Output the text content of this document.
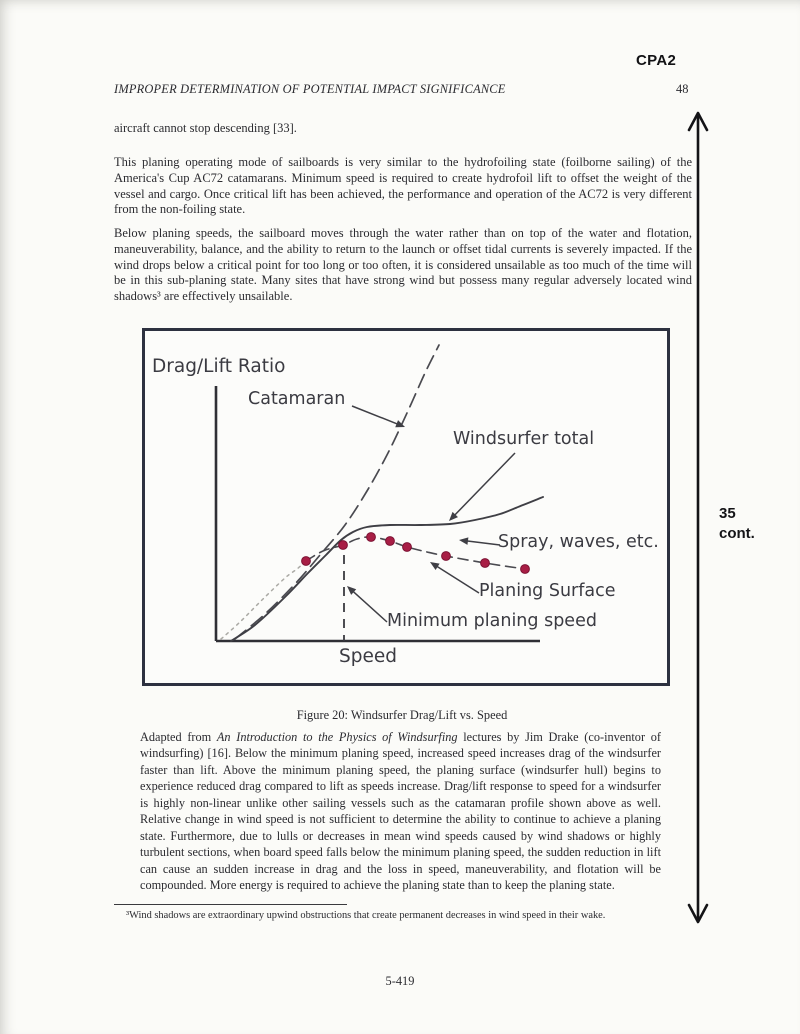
CPA2
IMPROPER DETERMINATION OF POTENTIAL IMPACT SIGNIFICANCE	48

aircraft cannot stop descending [33].

This planing operating mode of sailboards is very similar to the hydrofoiling state (foilborne sailing) of the America's Cup AC72 catamarans. Minimum speed is required to create hydrofoil lift to offset the weight of the vessel and cargo. Once critical lift has been achieved, the performance and operation of the AC72 is very different from the non-foiling state.

Below planing speeds, the sailboard moves through the water rather than on top of the water and flotation, maneuverability, balance, and the ability to return to the launch or offset tidal currents is severely impacted. If the wind drops below a critical point for too long or too often, it is considered unsailable as too much of the time will be in this sub-planing state. Many sites that have strong wind but possess many regular adversely located wind shadows³ are effectively unsailable.

Drag/Lift Ratio
Catamaran
Windsurfer total
Spray, waves, etc.
Planing Surface
Minimum planing speed
Speed
Figure 20: Windsurfer Drag/Lift vs. Speed

Adapted from An Introduction to the Physics of Windsurfing lectures by Jim Drake (co-inventor of windsurfing) [16]. Below the minimum planing speed, increased speed increases drag of the windsurfer faster than lift. Above the minimum planing speed, the planing surface (windsurfer hull) begins to experience reduced drag compared to lift as speeds increase. Drag/lift response to speed for a windsurfer is highly non-linear unlike other sailing vessels such as the catamaran profile shown above as well. Relative change in wind speed is not sufficient to determine the ability to continue to achieve a planing state. Furthermore, due to lulls or decreases in mean wind speeds caused by wind shadows or highly turbulent sections, when board speed falls below the minimum planing speed, the sudden reduction in lift can cause an sudden increase in drag and the loss in speed, maneuverability, and flotation will be compounded. More energy is required to achieve the planing state than to keep the planing state.

³Wind shadows are extraordinary upwind obstructions that create permanent decreases in wind speed in their wake.

5-419
35
cont.
